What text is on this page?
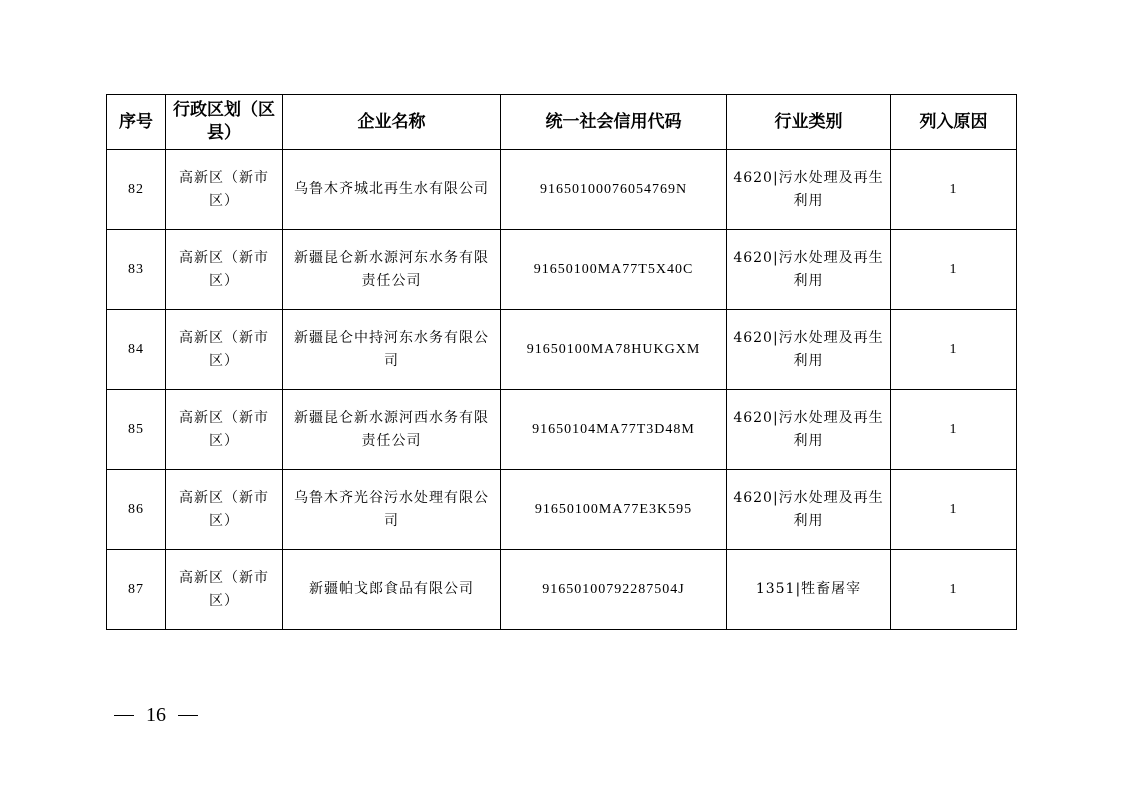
序号	行政区划（区县）	企业名称	统一社会信用代码	行业类别	列入原因
82	高新区（新市区）	乌鲁木齐城北再生水有限公司	91650100076054769N	4620|污水处理及再生利用	1
83	高新区（新市区）	新疆昆仑新水源河东水务有限责任公司	91650100MA77T5X40C	4620|污水处理及再生利用	1
84	高新区（新市区）	新疆昆仑中持河东水务有限公司	91650100MA78HUKGXM	4620|污水处理及再生利用	1
85	高新区（新市区）	新疆昆仑新水源河西水务有限责任公司	91650104MA77T3D48M	4620|污水处理及再生利用	1
86	高新区（新市区）	乌鲁木齐光谷污水处理有限公司	91650100MA77E3K595	4620|污水处理及再生利用	1
87	高新区（新市区）	新疆帕戈郎食品有限公司	91650100792287504J	1351|牲畜屠宰	1
16
